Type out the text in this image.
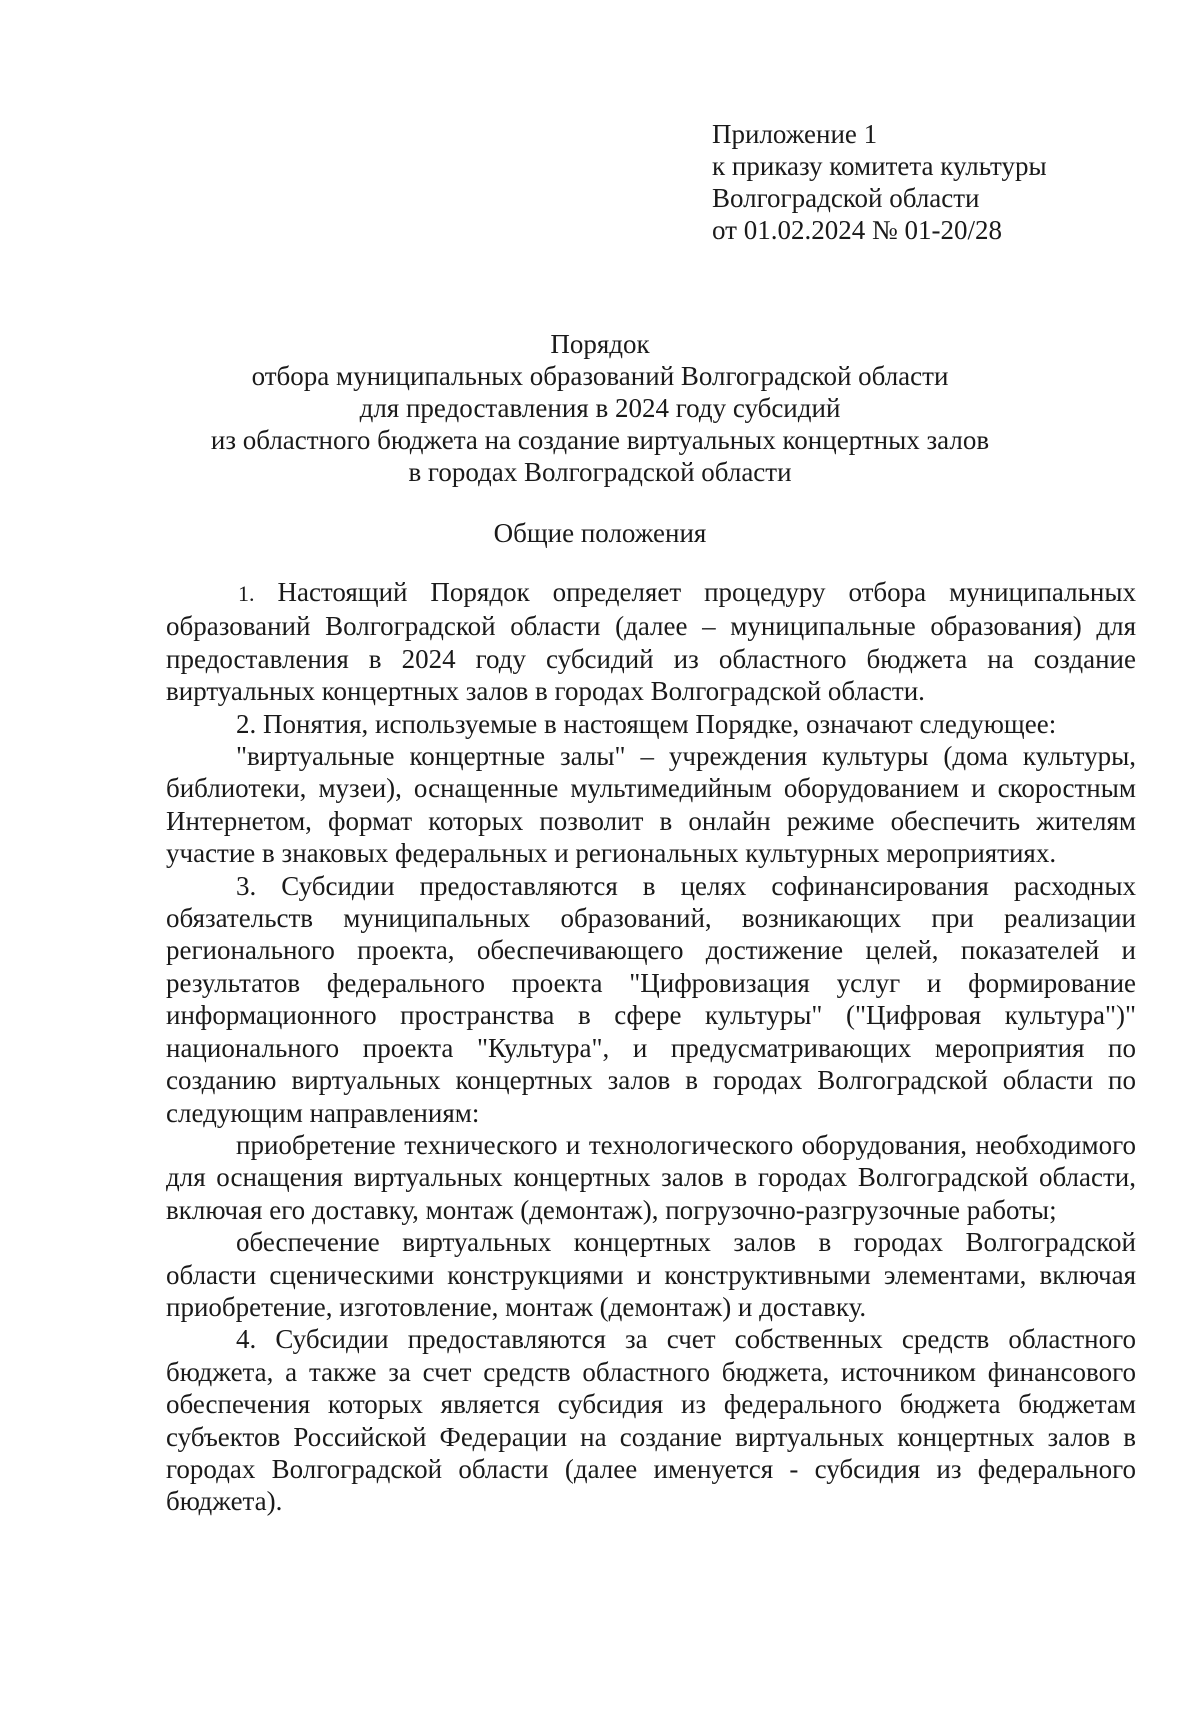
Приложение 1
к приказу комитета культуры
Волгоградской области
от 01.02.2024 № 01-20/28
Порядок
отбора муниципальных образований Волгоградской области
для предоставления в 2024 году субсидий
из областного бюджета на создание виртуальных концертных залов
в городах Волгоградской области
Общие положения

1. Настоящий Порядок определяет процедуру отбора муниципальных образований Волгоградской области (далее – муниципальные образования) для предоставления в 2024 году субсидий из областного бюджета на создание виртуальных концертных залов в городах Волгоградской области.

2. Понятия, используемые в настоящем Порядке, означают следующее:

"виртуальные концертные залы" – учреждения культуры (дома культуры, библиотеки, музеи), оснащенные мультимедийным оборудованием и скоростным Интернетом, формат которых позволит в онлайн режиме обеспечить жителям участие в знаковых федеральных и региональных культурных мероприятиях.

3. Субсидии предоставляются в целях софинансирования расходных обязательств муниципальных образований, возникающих при реализации регионального проекта, обеспечивающего достижение целей, показателей и результатов федерального проекта "Цифровизация услуг и формирование информационного пространства в сфере культуры" ("Цифровая культура")" национального проекта "Культура", и предусматривающих мероприятия по созданию виртуальных концертных залов в городах Волгоградской области по следующим направлениям:

приобретение технического и технологического оборудования, необходимого для оснащения виртуальных концертных залов в городах Волгоградской области, включая его доставку, монтаж (демонтаж), погрузочно-разгрузочные работы;

обеспечение виртуальных концертных залов в городах Волгоградской области сценическими конструкциями и конструктивными элементами, включая приобретение, изготовление, монтаж (демонтаж) и доставку.

4. Субсидии предоставляются за счет собственных средств областного бюджета, а также за счет средств областного бюджета, источником финансового обеспечения которых является субсидия из федерального бюджета бюджетам субъектов Российской Федерации на создание виртуальных концертных залов в городах Волгоградской области (далее именуется - субсидия из федерального бюджета).
